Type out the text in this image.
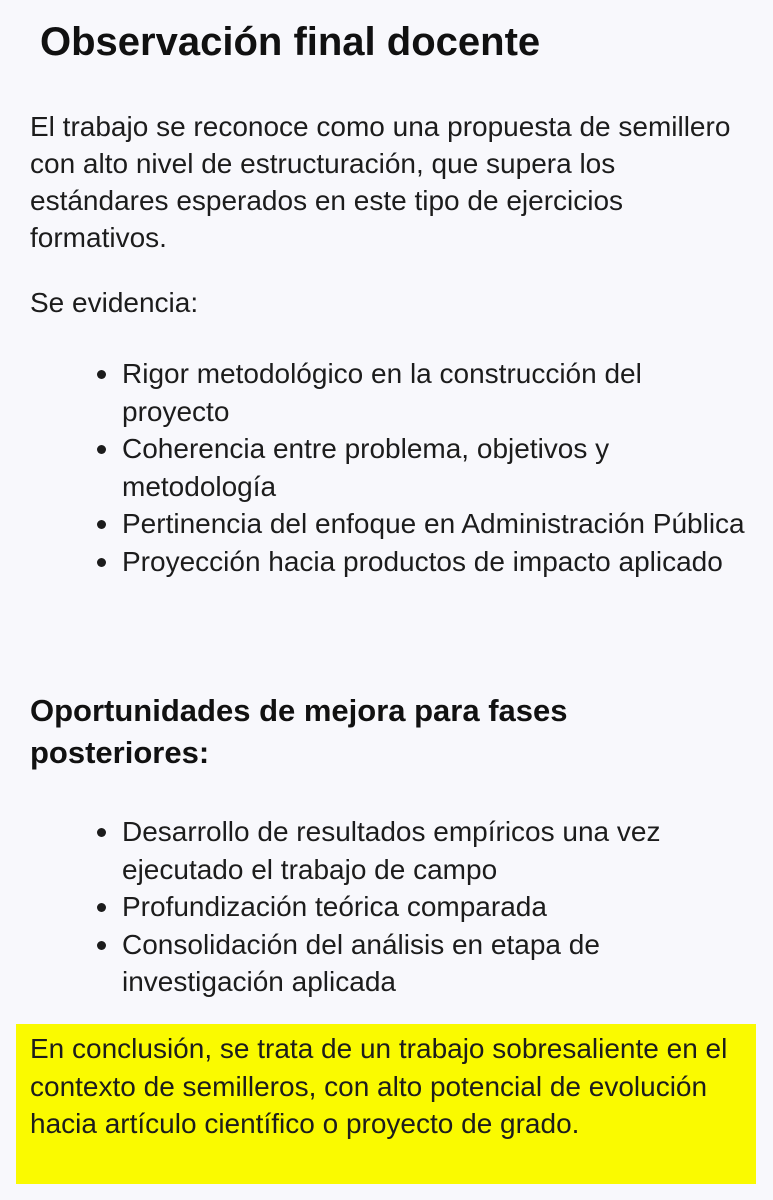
Observación final docente

El trabajo se reconoce como una propuesta de semillero con alto nivel de estructuración, que supera los estándares esperados en este tipo de ejercicios formativos.

Se evidencia:

Rigor metodológico en la construcción del proyecto
Coherencia entre problema, objetivos y metodología
Pertinencia del enfoque en Administración Pública
Proyección hacia productos de impacto aplicado
Oportunidades de mejora para fases posteriores:
Desarrollo de resultados empíricos una vez ejecutado el trabajo de campo
Profundización teórica comparada
Consolidación del análisis en etapa de investigación aplicada

En conclusión, se trata de un trabajo sobresaliente en el contexto de semilleros, con alto potencial de evolución hacia artículo científico o proyecto de grado.
